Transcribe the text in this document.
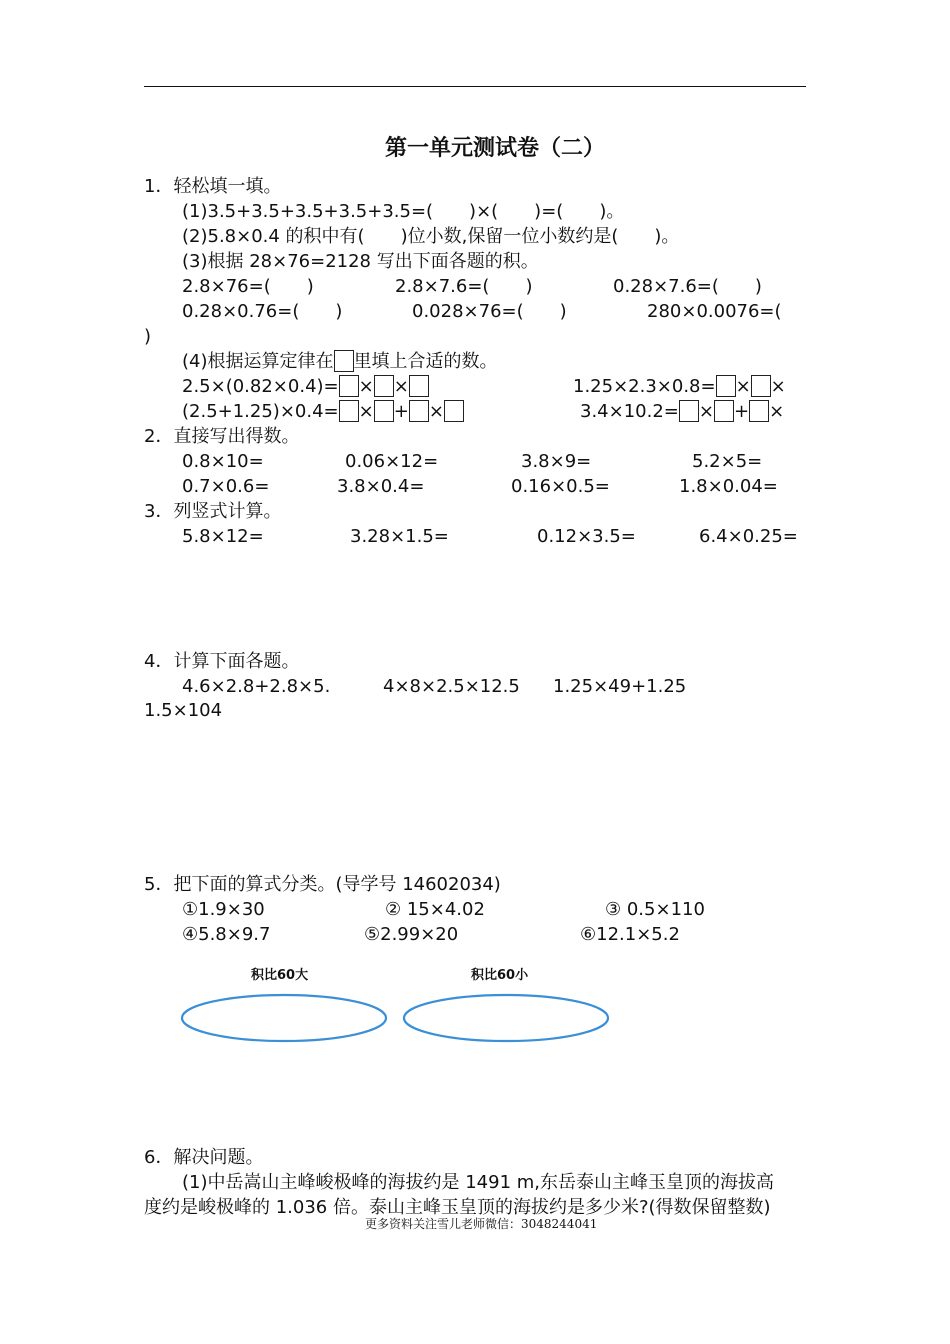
第一单元测试卷（二）
1．轻松填一填。
(1)3.5+3.5+3.5+3.5+3.5=(　　)×(　　)=(　　)。
(2)5.8×0.4 的积中有(　　)位小数,保留一位小数约是(　　)。
(3)根据 28×76=2128 写出下面各题的积。
2.8×76=(　　)	2.8×7.6=(　　)	0.28×7.6=(　　)
0.28×0.76=(　　)	0.028×76=(　　)	280×0.0076=(
)
(4)根据运算定律在 里填上合适的数。
2.5×(0.82×0.4)= × ×	1.25×2.3×0.8= × ×
(2.5+1.25)×0.4= × + ×	3.4×10.2= × + ×
2．直接写出得数。
0.8×10=	0.06×12=	3.8×9=	5.2×5=
0.7×0.6=	3.8×0.4=	0.16×0.5=	1.8×0.04=
3．列竖式计算。
5.8×12=	3.28×1.5=	0.12×3.5=	6.4×0.25=
4．计算下面各题。
4.6×2.8+2.8×5.	4×8×2.5×12.5 1.25×49+1.25
1.5×104
5．把下面的算式分类。(导学号 14602034)
①1.9×30	② 15×4.02	③ 0.5×110
④5.8×9.7	⑤2.99×20	⑥12.1×5.2
积比60大	积比60小
6．解决问题。
(1)中岳嵩山主峰峻极峰的海拔约是 1491 m,东岳泰山主峰玉皇顶的海拔高
度约是峻极峰的 1.036 倍。泰山主峰玉皇顶的海拔约是多少米?(得数保留整数)
更多资料关注雪儿老师微信：3048244041
